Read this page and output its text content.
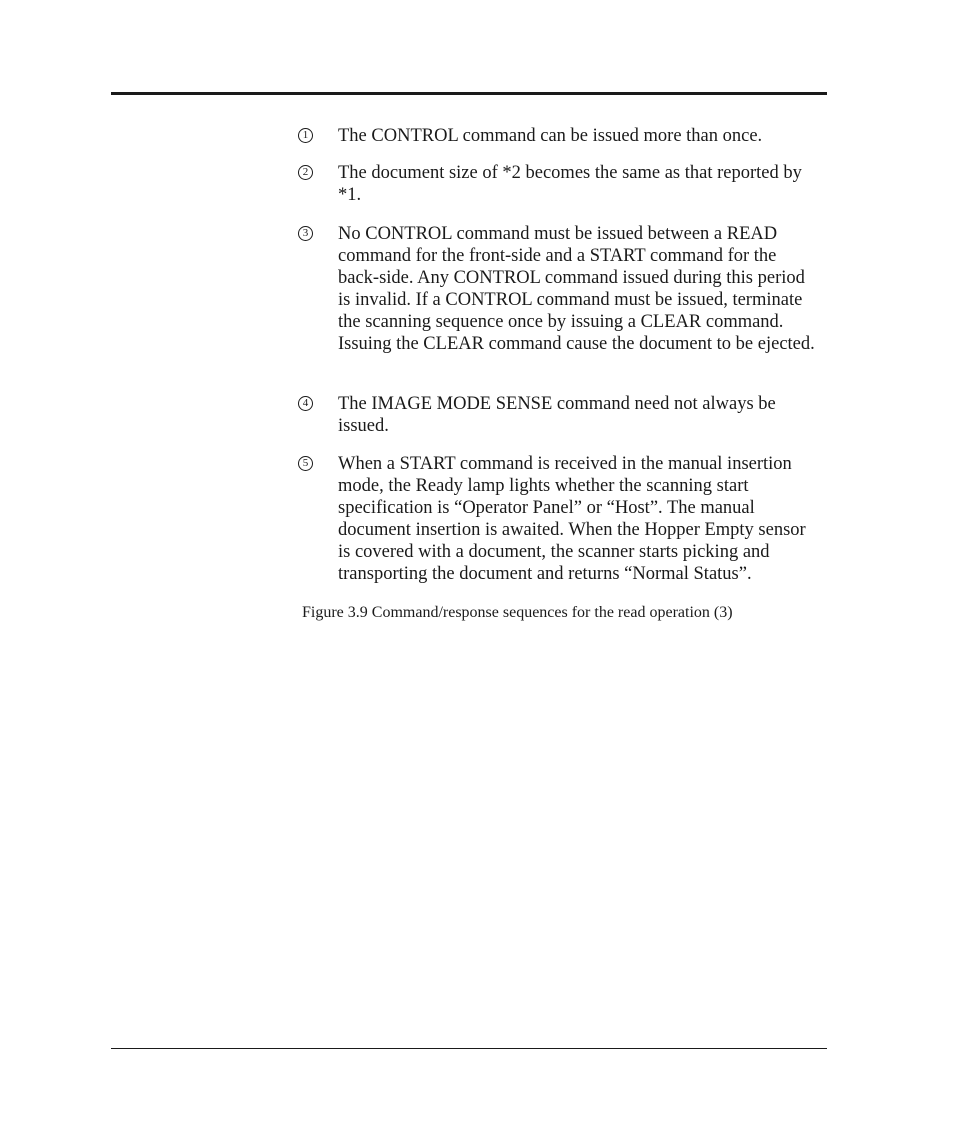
1 The CONTROL command can be issued more than once.
2 The document size of *2 becomes the same as that reported by *1.
3 No CONTROL command must be issued between a READ command for the front-side and a START command for the back-side. Any CONTROL command issued during this period is invalid. If a CONTROL command must be issued, terminate the scanning sequence once by issuing a CLEAR command. Issuing the CLEAR command cause the document to be ejected.
4 The IMAGE MODE SENSE command need not always be issued.
5 When a START command is received in the manual insertion mode, the Ready lamp lights whether the scanning start specification is “Operator Panel” or “Host”. The manual document insertion is awaited. When the Hopper Empty sensor is covered with a document, the scanner starts picking and transporting the document and returns “Normal Status”.
Figure 3.9 Command/response sequences for the read operation (3)
